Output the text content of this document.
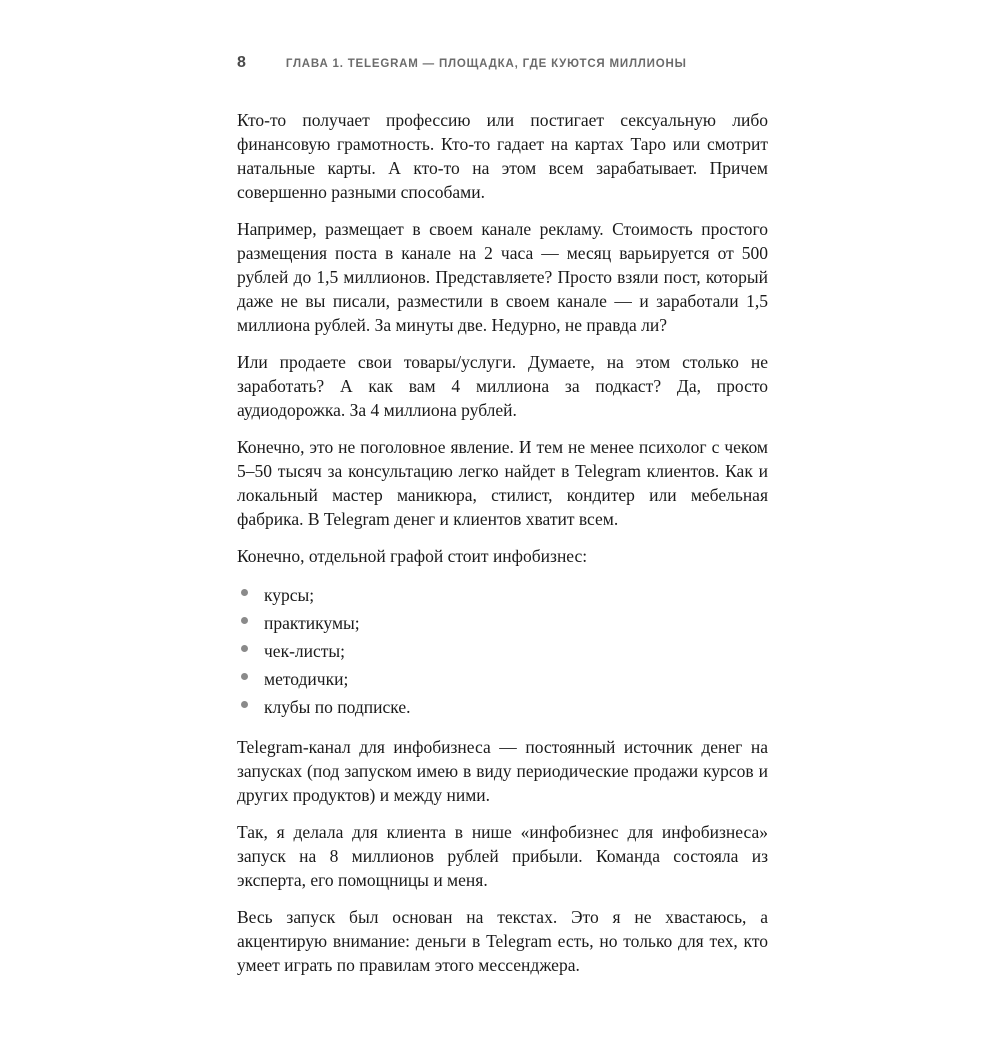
8	ГЛАВА 1. TELEGRAM — ПЛОЩАДКА, ГДЕ КУЮТСЯ МИЛЛИОНЫ

Кто-то получает профессию или постигает сексуальную либо финансовую грамотность. Кто-то гадает на картах Таро или смотрит натальные карты. А кто-то на этом всем зарабатывает. Причем совершенно разными способами.

Например, размещает в своем канале рекламу. Стоимость простого размещения поста в канале на 2 часа — месяц варьируется от 500 рублей до 1,5 миллионов. Представляете? Просто взяли пост, который даже не вы писали, разместили в своем канале — и заработали 1,5 миллиона рублей. За минуты две. Недурно, не правда ли?

Или продаете свои товары/услуги. Думаете, на этом столько не заработать? А как вам 4 миллиона за подкаст? Да, просто аудиодорожка. За 4 миллиона рублей.

Конечно, это не поголовное явление. И тем не менее психолог с чеком 5–50 тысяч за консультацию легко найдет в Telegram клиентов. Как и локальный мастер маникюра, стилист, кондитер или мебельная фабрика. В Telegram денег и клиентов хватит всем.

Конечно, отдельной графой стоит инфобизнес:

курсы;
практикумы;
чек-листы;
методички;
клубы по подписке.

Telegram-канал для инфобизнеса — постоянный источник денег на запусках (под запуском имею в виду периодические продажи курсов и других продуктов) и между ними.

Так, я делала для клиента в нише «инфобизнес для инфобизнеса» запуск на 8 миллионов рублей прибыли. Команда состояла из эксперта, его помощницы и меня.

Весь запуск был основан на текстах. Это я не хвастаюсь, а акцентирую внимание: деньги в Telegram есть, но только для тех, кто умеет играть по правилам этого мессенджера.
